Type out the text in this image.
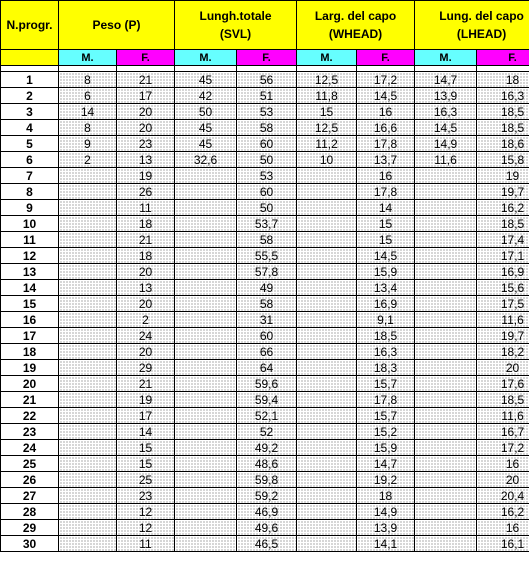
N.progr.	Peso (P)		Lungh.totale
(SVL)		Larg. del capo
(WHEAD)		Lung. del capo
(LHEAD)	

	M.	F.	M.	F.	M.	F.	M.	F.

1	8	21	45	56	12,5	17,2	14,7	18
2	6	17	42	51	11,8	14,5	13,9	16,3
3	14	20	50	53	15	16	16,3	18,5
4	8	20	45	58	12,5	16,6	14,5	18,5
5	9	23	45	60	11,2	17,8	14,9	18,6
6	2	13	32,6	50	10	13,7	11,6	15,8
7		19		53		16		19
8		26		60		17,8		19,7
9		11		50		14		16,2
10		18		53,7		15		18,5
11		21		58		15		17,4
12		18		55,5		14,5		17,1
13		20		57,8		15,9		16,9
14		13		49		13,4		15,6
15		20		58		16,9		17,5
16		2		31		9,1		11,6
17		24		60		18,5		19,7
18		20		66		16,3		18,2
19		29		64		18,3		20
20		21		59,6		15,7		17,6
21		19		59,4		17,8		18,5
22		17		52,1		15,7		11,6
23		14		52		15,2		16,7
24		15		49,2		15,9		17,2
25		15		48,6		14,7		16
26		25		59,8		19,2		20
27		23		59,2		18		20,4
28		12		46,9		14,9		16,2
29		12		49,6		13,9		16
30		11		46,5		14,1		16,1
